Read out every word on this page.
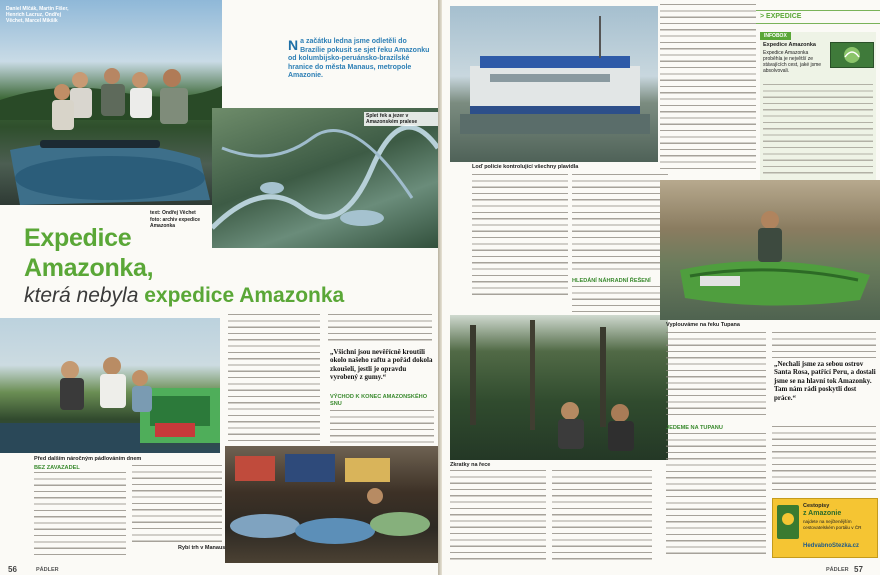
Daniel Mlčák, Martin Fišer, Henrich Lacruz, Ondřej Věchet, Marcel Mikšík
Na začátku ledna jsme odletěli do Brazílie pokusit se sjet řeku Amazonku od kolumbijsko-peruánsko-brazilské hranice do města Manaus, metropole Amazonie.
Splet řek a jezer v Amazonském pralese
text: Ondřej Věchet foto: archiv expedice Amazonka
Expedice
Amazonka,
která nebyla expedice Amazonka
Před dalším náročným pádlováním dnem
BEZ ZAVAZADEL
Rybí trh v Manaus
„Všichni jsou nevěřícně kroutili okolo našeho raftu a pořád dokola zkoušeli, jestli je opravdu vyrobený z gumy.“
VÝCHOD K KONEC AMAZONSKÉHO SNU
56	PÁDLER
Loď policie kontrolující všechny plavidla
HLEDÁNÍ NÁHRADNÍ ŘEŠENÍ
> EXPEDICE
INFOBOX
Expedice Amazonka
Expedice Amazonka proběhla je největší ze stávajících cest, jaké jsme absolvovali.
Zkratky na řece
Vyplouváme na řeku Tupana
JEDEME NA TUPANU
„Nechali jsme za sebou ostrov Santa Rosa, patřící Peru, a dostali jsme se na hlavní tok Amazonky. Tam nám rádi poskytli dost práce.“
Cestopisy
z Amazonie
najdete na nejčtenějším cestovatelském portálu v ČR
HedvabnoStezka.cz
PÁDLER 57
